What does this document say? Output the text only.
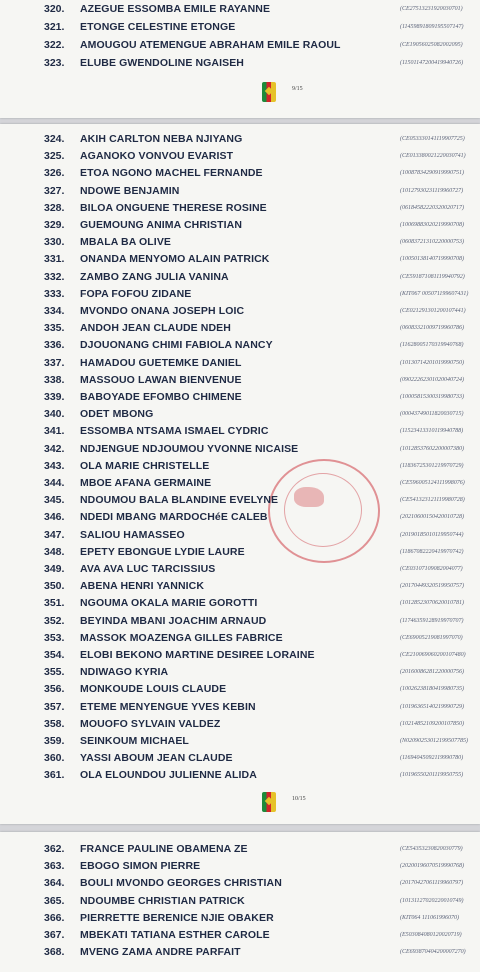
320.	AZEGUE ESSOMBA EMILE RAYANNE	(CE27513231920030701)
321.	ETONGE CELESTINE ETONGE	(11459891809195507147)
322.	AMOUGOU ATEMENGUE ABRAHAM EMILE RAOUL	(CE19056025082002095)
323.	ELUBE GWENDOLINE NGAISEH	(11501147200419940726)
9/15
324.	AKIH CARLTON NEBA NJIYANG	(CE053330141119907725)
325.	AGANOKO VONVOU EVARIST	(CE013380021220030741)
326.	ETOA NGONO MACHEL FERNANDE	(10087834290919990751)
327.	NDOWE BENJAMIN	(10127930231119960727)
328.	BILOA ONGUENE THERESE ROSINE	(06184582220320020717)
329.	GUEMOUNG ANIMA CHRISTIAN	(10069883020219990708)
330.	MBALA BA OLIVE	(06083721310220000753)
331.	ONANDA MENYOMO ALAIN PATRICK	(10050138140719990708)
332.	ZAMBO ZANG JULIA VANINA	(CE591871081119940792)
333.	FOPA FOFOU ZIDANE	(KIT067 005071199607431)
334.	MVONDO ONANA JOSEPH LOIC	(CE021291301200107441)
335.	ANDOH JEAN CLAUDE NDEH	(06083321009719960786)
336.	DJOUONANG CHIMI FABIOLA NANCY	(11628005170319940768)
337.	HAMADOU GUETEMKE DANIEL	(10130714201019990750)
338.	MASSOUO LAWAN BIENVENUE	(09022262301020040724)
339.	BABOYADE EFOMBO CHIMENE	(10005815300319980733)
340.	ODET MBONG	(00043749011820030715)
341.	ESSOMBA NTSAMA ISMAEL CYDRIC	(11523413310119940788)
342.	NDJENGUE NDJOUMOU YVONNE NICAISE	(10128537602200007380)
343.	OLA MARIE CHRISTELLE	(11836725301219970729)
344.	MBOE AFANA GERMAINE	(CE596005124111998076)
345.	NDOUMOU BALA BLANDINE EVELYNE	(CE541323121119980728)
346.	NDEDI MBANG MARDOCHéE CALEB	(20210600150420010728)
347.	SALIOU HAMASSEO	(20190185010119950744)
348.	EPETY EBONGUE LYDIE LAURE	(11867082220419970742)
349.	AVA AVA LUC TARCISSIUS	(CE03107109082004077)
350.	ABENA HENRI YANNICK	(20170449320519950757)
351.	NGOUMA OKALA MARIE GOROTTI	(10128523070620010781)
352.	BEYINDA MBANI JOACHIM ARNAUD	(11746359128919970707)
353.	MASSOK MOAZENGA GILLES FABRICE	(CE69005219081997070)
354.	ELOBI BEKONO MARTINE DESIREE LORAINE	(CE210069060200107480)
355.	NDIWAGO KYRIA	(20160086281220000756)
356.	MONKOUDE LOUIS CLAUDE	(10026238180419980735)
357.	ETEME MENYENGUE YVES KEBIN	(10196365140219990729)
358.	MOUOFO SYLVAIN VALDEZ	(10214852109200107850)
359.	SEINKOUM MICHAEL	(N02090253012199507785)
360.	YASSI ABOUM JEAN CLAUDE	(11694045092119990780)
361.	OLA ELOUNDOU JULIENNE ALIDA	(10196550201119950755)
10/15
362.	FRANCE PAULINE OBAMENA ZE	(CE54353230820030779)
363.	EBOGO SIMON PIERRE	(20200196070519990768)
364.	BOULI MVONDO GEORGES CHRISTIAN	(20170427061119960797)
365.	NDOUMBE CHRISTIAN PATRICK	(10131127020220010749)
366.	PIERRETTE BERENICE NJIE OBAKER	(KIT064 111061996070)
367.	MBEKATI TATIANA ESTHER CAROLE	(E503084080120020719)
368.	MVENG ZAMA ANDRE PARFAIT	(CE693870404200007270)
